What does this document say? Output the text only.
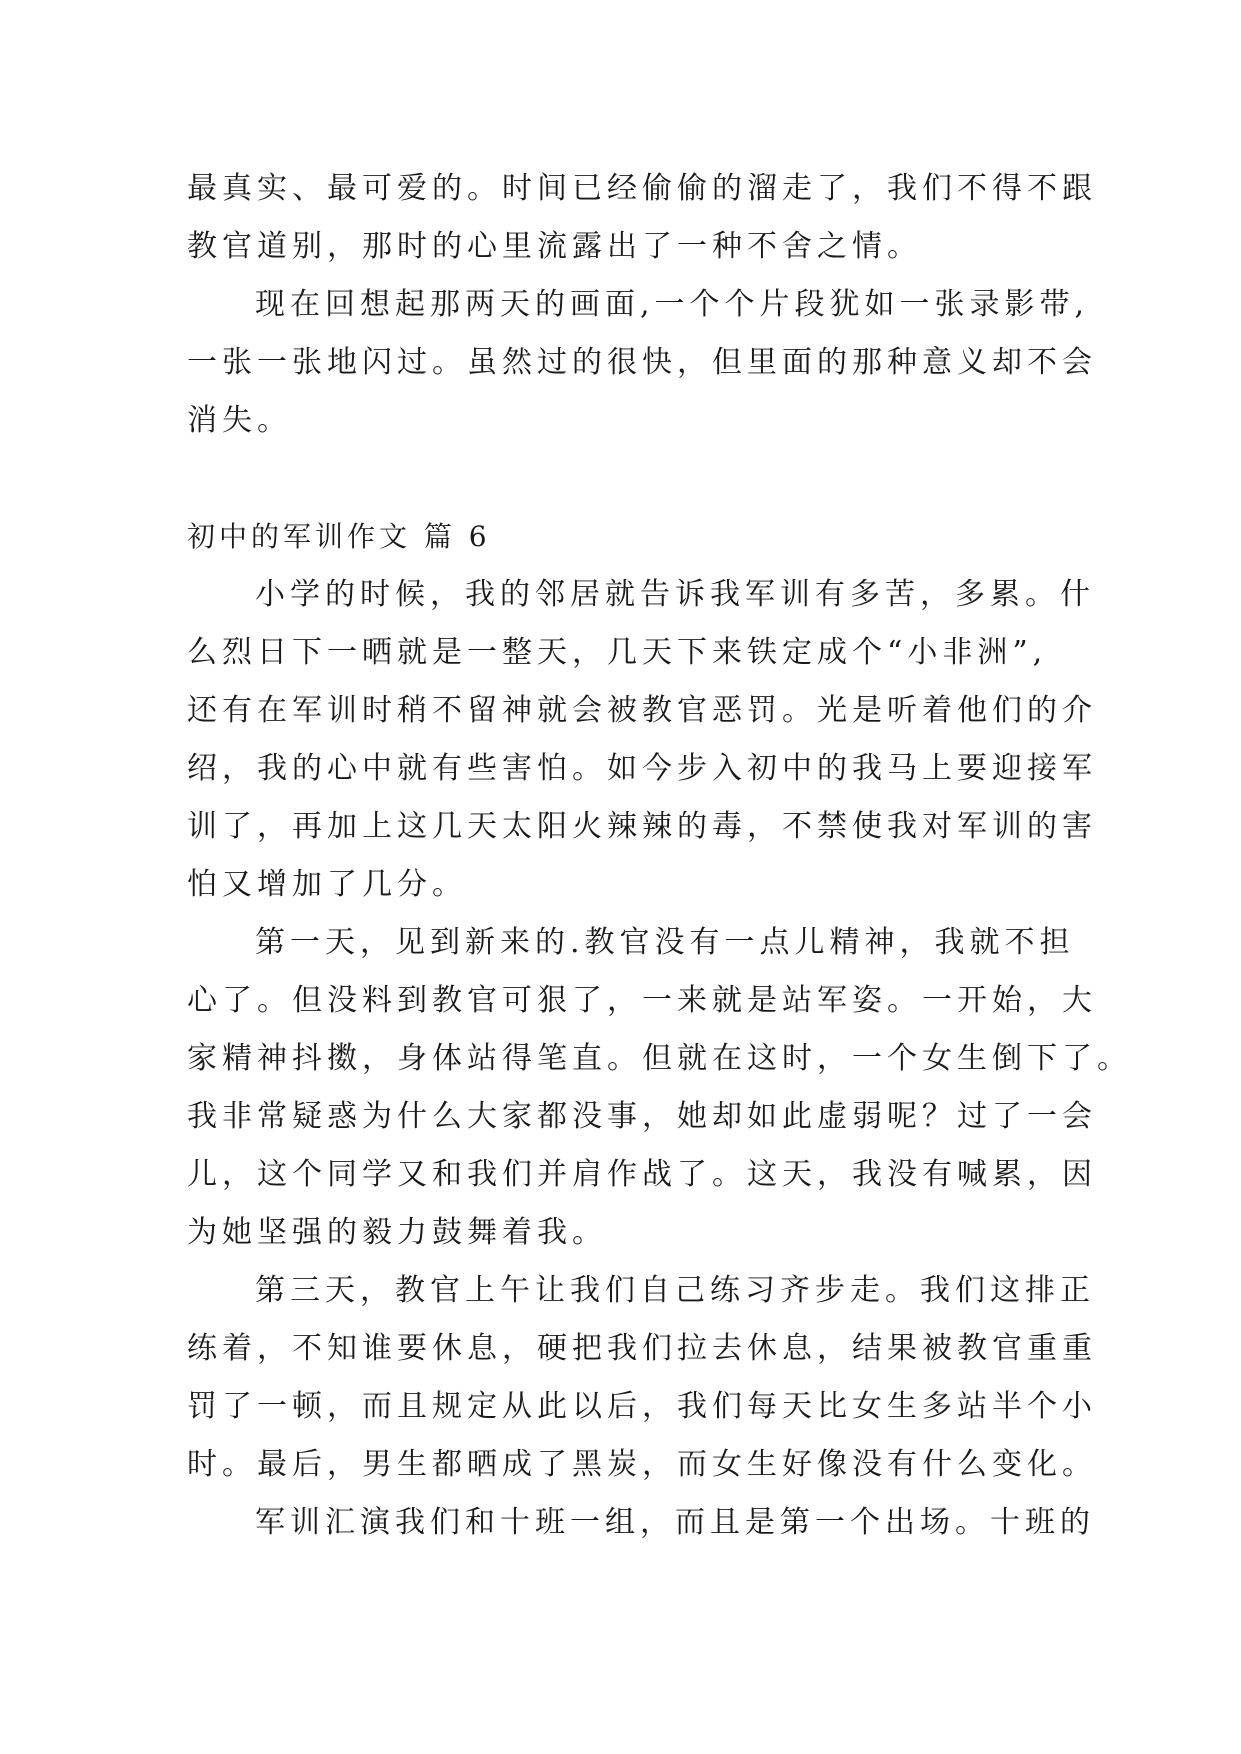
最真实、最可爱的。时间已经偷偷的溜走了，我们不得不跟
教官道别，那时的心里流露出了一种不舍之情。
现在回想起那两天的画面,一个个片段犹如一张录影带,
一张一张地闪过。虽然过的很快，但里面的那种意义却不会
消失。
初中的军训作文 篇 6
小学的时候，我的邻居就告诉我军训有多苦，多累。什
么烈日下一晒就是一整天，几天下来铁定成个“小非洲”,
还有在军训时稍不留神就会被教官恶罚。光是听着他们的介
绍，我的心中就有些害怕。如今步入初中的我马上要迎接军
训了，再加上这几天太阳火辣辣的毒，不禁使我对军训的害
怕又增加了几分。
第一天，见到新来的.教官没有一点儿精神，我就不担
心了。但没料到教官可狠了，一来就是站军姿。一开始，大
家精神抖擞，身体站得笔直。但就在这时，一个女生倒下了。
我非常疑惑为什么大家都没事，她却如此虚弱呢？过了一会
儿，这个同学又和我们并肩作战了。这天，我没有喊累，因
为她坚强的毅力鼓舞着我。
第三天，教官上午让我们自己练习齐步走。我们这排正
练着，不知谁要休息，硬把我们拉去休息，结果被教官重重
罚了一顿，而且规定从此以后，我们每天比女生多站半个小
时。最后，男生都晒成了黑炭，而女生好像没有什么变化。
军训汇演我们和十班一组，而且是第一个出场。十班的
